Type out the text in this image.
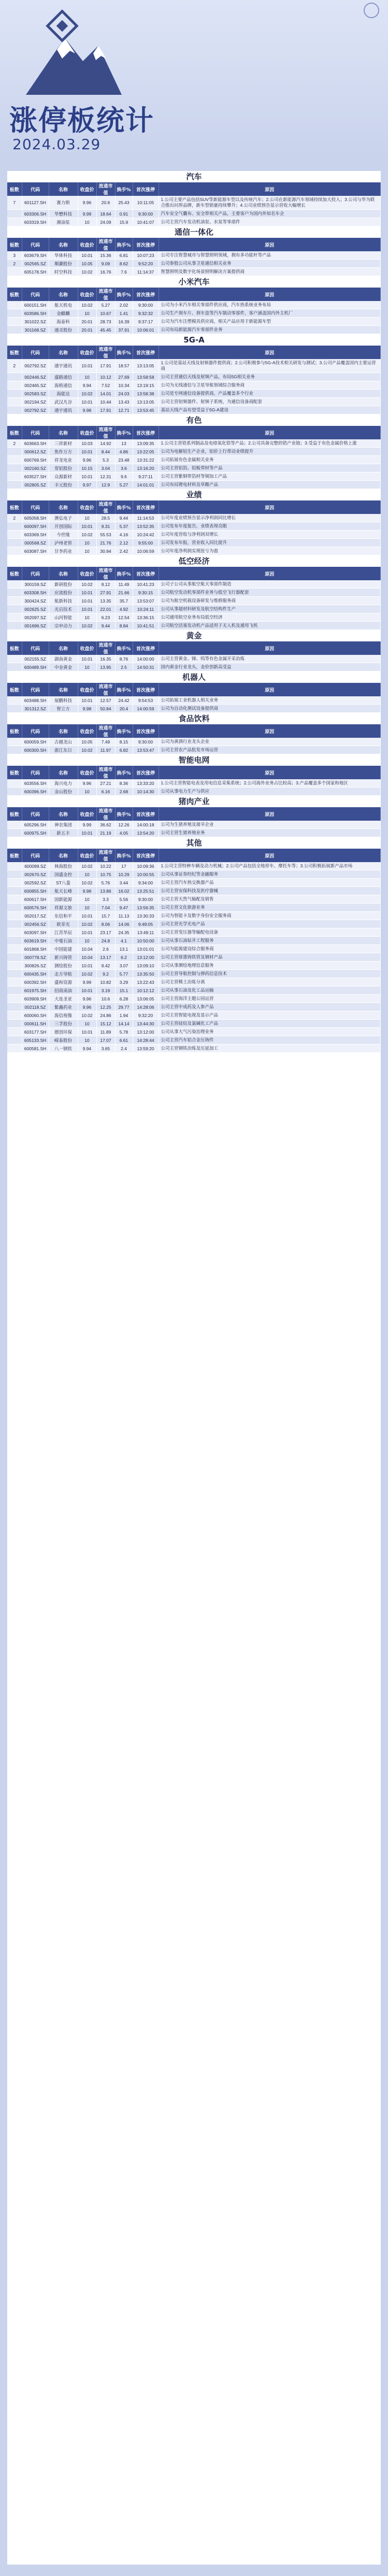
涨停板统计
2024.03.29
汽车
板数	代码	名称	收盘价	流通市值	换手%	首次涨停	原因
7	601127.SH	赛力斯	9.96	20.6	25.43	10:11:05	1.公司主要产品包括SUV等新能源车型以及传统汽车；2.公司在新能源汽车领域持续加大投入；3.公司与华为联合推出问界品牌，新车型销量持续攀升；4.公司业绩预告显示营收大幅增长
	603306.SH	华懋科技	9.99	18.64	0.91	9:30:00	汽车安全气囊布、安全带相关产品，主要客户为国内外知名车企
	603319.SH	湘油泵	10	24.09	15.9	10:41:07	公司主营汽车发动机油泵、水泵等零部件
通信一体化
板数	代码	名称	收盘价	流通市值	换手%	首次涨停	原因
3	603679.SH	华体科技	10.01	15.36	6.81	10:07:23	公司专注智慧城市与智慧照明领域，拥有多功能杆等产品
2	002565.SZ	顺灏股份	10.05	9.09	8.62	9:52:20	公司参股公司从事卫星通信相关业务
	605178.SH	时空科技	10.02	16.76	7.6	11:14:37	智慧照明及数字化场景照明解决方案提供商
小米汽车
板数	代码	名称	收盘价	流通市值	换手%	首次涨停	原因
	600151.SH	航天机电	10.02	5.27	2.02	9:30:00	公司为小米汽车相关零部件供应商，汽车热系统业务布局
	603586.SH	金麒麟	10	10.67	1.41	9:32:32	公司生产刹车片、刹车盘等汽车制动零部件，客户涵盖国内外主机厂
	301022.SZ	海泰科	20.01	28.73	16.39	9:37:17	公司为汽车注塑模具供应商，相关产品应用于新能源车型
	301168.SZ	通灵股份	20.01	45.45	37.91	10:06:01	公司布局新能源汽车零部件业务
5G-A
板数	代码	名称	收盘价	流通市值	换手%	首次涨停	原因
2	002792.SZ	通宇通讯	10.01	17.91	18.57	13:13:05	1.公司是基站天线及射频器件提供商；2.公司积极参与5G-A技术相关研发与测试；3.公司产品覆盖国内主要运营商
	002446.SZ	盛路通信	10	10.12	27.69	13:58:58	公司主营通信天线及射频产品，布局5G相关业务
	002465.SZ	海格通信	9.94	7.52	10.34	13:19:15	公司为无线通信与卫星导航领域综合服务商
	002583.SZ	海能达	10.02	14.01	24.03	13:58:38	公司是专网通信设备提供商，产品覆盖多个行业
	002194.SZ	武汉凡谷	10.01	10.44	13.43	13:13:05	公司主营射频器件、射频子系统，为通信设备商配套
	002792.SZ	通宇通讯	9.98	17.91	12.71	13:53:45	基站天线产品有望受益于5G-A建设
有色
板数	代码	名称	收盘价	流通市值	换手%	首次涨停	原因
2	603663.SH	三祥新材	10.03	14.92	13	13:09:35	1.公司主营锆系列制品及电熔氧化锆等产品；2.公司具备完整的锆产业链；3.受益于有色金属价格上涨
	000612.SZ	焦作万方	10.01	8.44	4.86	13:22:05	公司为电解铝生产企业，铝价上行带动业绩提升
	600769.SH	祥龙电业	9.96	5.3	23.48	13:31:22	公司拓展有色金属相关业务
	002160.SZ	常铝股份	10.15	3.04	3.6	13:16:20	公司主营铝箔、铝板带材等产品
	603527.SH	众源新材	10.01	12.31	9.6	9:27:11	公司主营紫铜带箔材等铜加工产品
	002805.SZ	丰元股份	9.97	12.9	5.27	14:01:01	公司布局锂电材料及草酸产品
业绩
板数	代码	名称	收盘价	流通市值	换手%	首次涨停	原因
2	605058.SH	澳弘电子	10	28.5	9.44	11:14:53	公司年度业绩预告显示净利润同比增长
	600097.SH	开创国际	10.01	9.31	5.37	13:52:35	公司发布年度报告，业绩表现亮眼
	603369.SH	今世缘	10.02	55.53	4.16	10:24:42	公司年度营收与净利润双增长
	000568.SZ	泸州老窖	10	21.76	2.12	9:55:00	公司发布年报，营业收入同比提升
	603087.SH	甘李药业	10	30.94	2.42	10:06:59	公司年度净利润实现扭亏为盈
低空经济
板数	代码	名称	收盘价	流通市值	换手%	首次涨停	原因
	300159.SZ	新研股份	10.02	8.12	11.49	10:41:23	公司子公司从事航空航天零部件制造
	603308.SH	应流股份	10.01	27.91	21.66	9:30:15	公司航空发动机零部件业务与低空飞行器配套
	300424.SZ	航新科技	10.01	13.35	35.7	13:53:07	公司为航空机载设备研发与维修服务商
	002625.SZ	光启技术	10.01	22.01	4.92	10:24:11	公司从事超材料研发及航空结构件生产
	002097.SZ	山河智能	10	6.23	12.54	13:36:15	公司通用航空业务布局低空经济
	001696.SZ	宗申动力	10.02	9.44	8.84	10:41:51	公司航空活塞发动机产品适用于无人机及通用飞机
黄金
板数	代码	名称	收盘价	流通市值	换手%	首次涨停	原因
	002155.SZ	湖南黄金	10.01	16.35	8.76	14:00:00	公司主营黄金、锑、钨等有色金属开采冶炼
	600489.SH	中金黄金	10	13.95	2.5	14:50:31	国内黄金行业龙头，金价创新高受益
机器人
板数	代码	名称	收盘价	流通市值	换手%	首次涨停	原因
	603488.SH	展鹏科技	10.01	12.57	24.42	9:54:53	公司拓展工业机器人相关业务
	301312.SZ	智立方	9.98	50.84	20.4	14:00:59	公司为自动化测试设备提供商
食品饮料
板数	代码	名称	收盘价	流通市值	换手%	首次涨停	原因
	600059.SH	古越龙山	10.05	7.49	8.15	9:30:00	公司为黄酒行业龙头企业
	600300.SH	浙江东日	10.02	11.97	6.82	13:53:47	公司主营农产品批发市场运营
智能电网
板数	代码	名称	收盘价	流通市值	换手%	首次涨停	原因
	603556.SH	海兴电力	9.96	27.21	8.36	13:33:20	1.公司主营智能电表及用电信息采集系统；2.公司海外业务占比较高；3.产品覆盖多个国家和地区
	600396.SH	金山股份	10	6.16	2.68	10:14:30	公司从事电力生产与供应
猪肉产业
板数	代码	名称	收盘价	流通市值	换手%	首次涨停	原因
	605296.SH	神农集团	9.99	36.62	12.26	14:00:18	公司为生猪养殖及屠宰企业
	600975.SH	新五丰	10.01	21.19	4.05	13:54:20	公司主营生猪养殖业务
其他
板数	代码	名称	收盘价	流通市值	换手%	首次涨停	原因
	600099.SZ	林海股份	10.02	10.22	17	10:09:36	1.公司主营特种车辆及动力机械；2.公司产品包括全地形车、摩托车等；3.公司积极拓展新产品市场
	002670.SZ	国盛金控	10	10.75	10.29	10:00:55	公司从事证券经纪等金融服务
	002592.SZ	ST八菱	10.02	5.76	3.44	9:34:00	公司主营汽车热交换器产品
	600855.SH	航天长峰	9.98	13.86	16.02	13:25:51	公司主营安保科技及医疗器械
	600617.SH	国新能源	10	3.3	5.56	9:30:00	公司主营天然气输配及销售
	600576.SH	祥源文旅	10	7.04	9.47	13:56:35	公司主营文化旅游业务
	002017.SZ	东信和平	10.01	15.7	11.13	13:30:33	公司为智能卡及数字身份安全服务商
	002456.SZ	欧菲光	10.02	8.06	14.06	9:49:05	公司主营光学光电产品
	603097.SH	江苏华辰	10.01	23.17	24.35	13:49:11	公司主营变压器等输配电设备
	603619.SH	中曼石油	10	24.8	4.1	10:50:00	公司从事石油钻井工程服务
	601868.SH	中国能建	10.04	2.6	13.1	13:01:01	公司为能源建设综合服务商
	000778.SZ	新兴铸管	10.04	13.17	6.2	13:12:00	公司主营球墨铸铁管及钢材产品
	300826.SZ	测绘股份	10.01	9.42	3.07	13:09:10	公司从事测绘地理信息服务
	600435.SH	北方导航	10.02	9.2	5.77	13:35:50	公司主营导航控制与弹药信息技术
	600392.SH	盛和资源	9.99	10.82	3.29	13:22:43	公司主营稀土冶炼分离
	601975.SH	招商南油	10.01	3.19	15.1	10:12:12	公司从事石油及化工品运输
	603909.SH	大连圣亚	9.96	10.6	6.28	13:06:05	公司主营海洋主题公园运营
	002118.SZ	紫鑫药业	9.96	12.25	29.77	14:28:06	公司主营中成药及人参产品
	600060.SH	海信视像	10.02	24.86	1.94	9:32:20	公司主营智能电视及显示产品
	000611.SH	三孚股份	10	15.12	14.14	13:44:30	公司主营硅烷及氯碱化工产品
	603177.SH	德创环保	10.01	11.89	5.78	13:12:00	公司从事大气污染治理业务
	605133.SH	嵘泰股份	10	17.07	6.61	14:28:44	公司主营汽车铝合金压铸件
	600581.SH	八一钢铁	9.94	3.65	2.4	13:59:20	公司主营钢铁冶炼及压延加工
